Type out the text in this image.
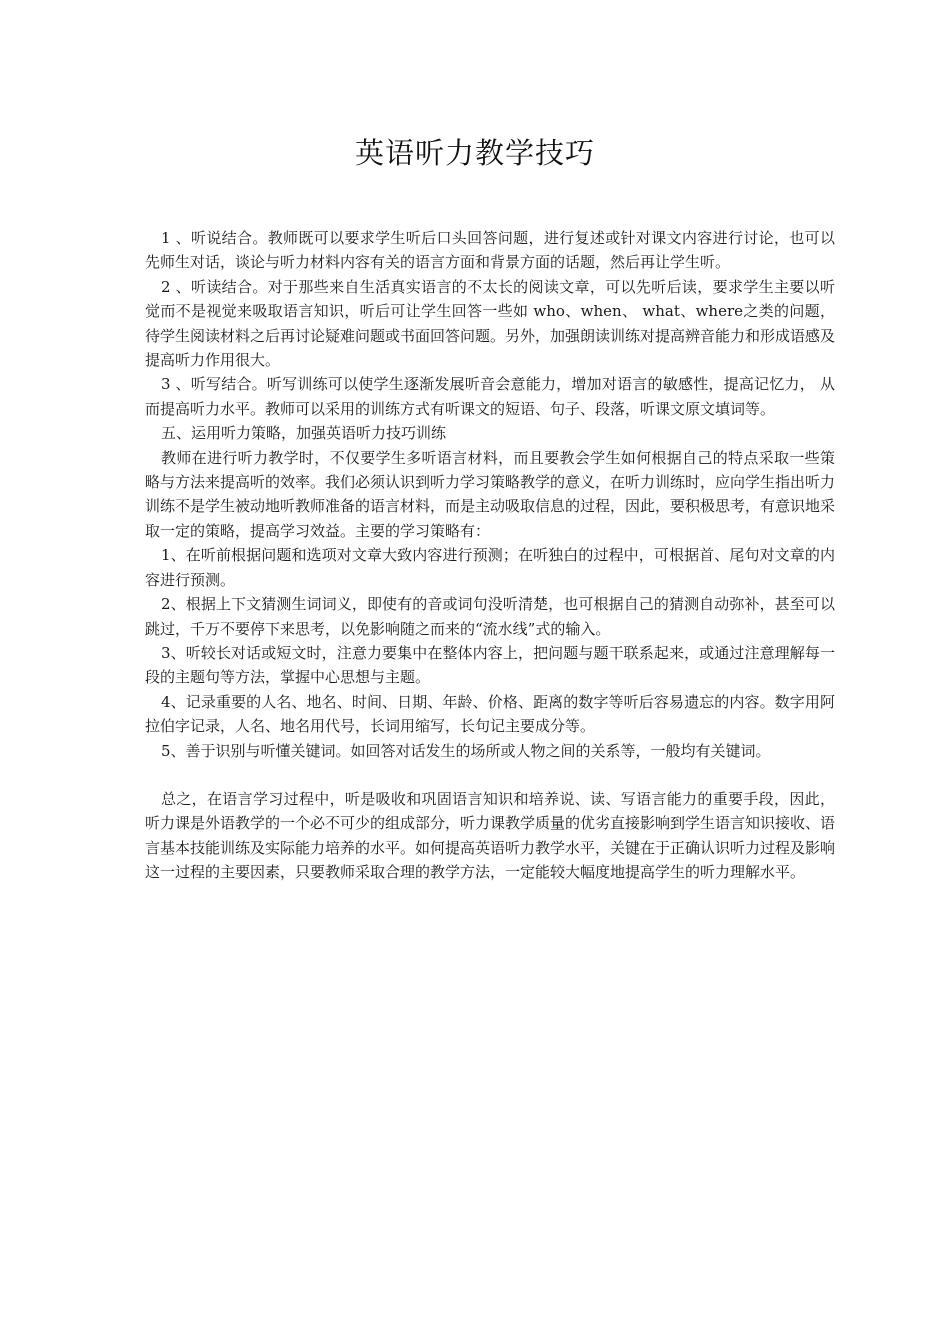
英语听力教学技巧

1 、听说结合。教师既可以要求学生听后口头回答问题，进行复述或针对课文内容进行讨论，也可以先师生对话，谈论与听力材料内容有关的语言方面和背景方面的话题，然后再让学生听。

2 、听读结合。对于那些来自生活真实语言的不太长的阅读文章，可以先听后读，要求学生主要以听觉而不是视觉来吸取语言知识，听后可让学生回答一些如 who、when、 what、where之类的问题，待学生阅读材料之后再讨论疑难问题或书面回答问题。另外，加强朗读训练对提高辨音能力和形成语感及提高听力作用很大。

3 、听写结合。听写训练可以使学生逐渐发展听音会意能力，增加对语言的敏感性，提高记忆力， 从而提高听力水平。教师可以采用的训练方式有听课文的短语、句子、段落，听课文原文填词等。

五、运用听力策略，加强英语听力技巧训练

教师在进行听力教学时，不仅要学生多听语言材料，而且要教会学生如何根据自己的特点采取一些策略与方法来提高听的效率。我们必须认识到听力学习策略教学的意义，在听力训练时，应向学生指出听力训练不是学生被动地听教师准备的语言材料，而是主动吸取信息的过程，因此，要积极思考，有意识地采取一定的策略，提高学习效益。主要的学习策略有：

1、在听前根据问题和选项对文章大致内容进行预测；在听独白的过程中，可根据首、尾句对文章的内容进行预测。

2、根据上下文猜测生词词义，即使有的音或词句没听清楚，也可根据自己的猜测自动弥补，甚至可以跳过，千万不要停下来思考，以免影响随之而来的“流水线”式的输入。

3、听较长对话或短文时，注意力要集中在整体内容上，把问题与题干联系起来，或通过注意理解每一段的主题句等方法，掌握中心思想与主题。

4、记录重要的人名、地名、时间、日期、年龄、价格、距离的数字等听后容易遗忘的内容。数字用阿拉伯字记录，人名、地名用代号，长词用缩写，长句记主要成分等。

5、善于识别与听懂关键词。如回答对话发生的场所或人物之间的关系等，一般均有关键词。

总之，在语言学习过程中，听是吸收和巩固语言知识和培养说、读、写语言能力的重要手段，因此，听力课是外语教学的一个必不可少的组成部分，听力课教学质量的优劣直接影响到学生语言知识接收、语言基本技能训练及实际能力培养的水平。如何提高英语听力教学水平，关键在于正确认识听力过程及影响这一过程的主要因素，只要教师采取合理的教学方法，一定能较大幅度地提高学生的听力理解水平。
